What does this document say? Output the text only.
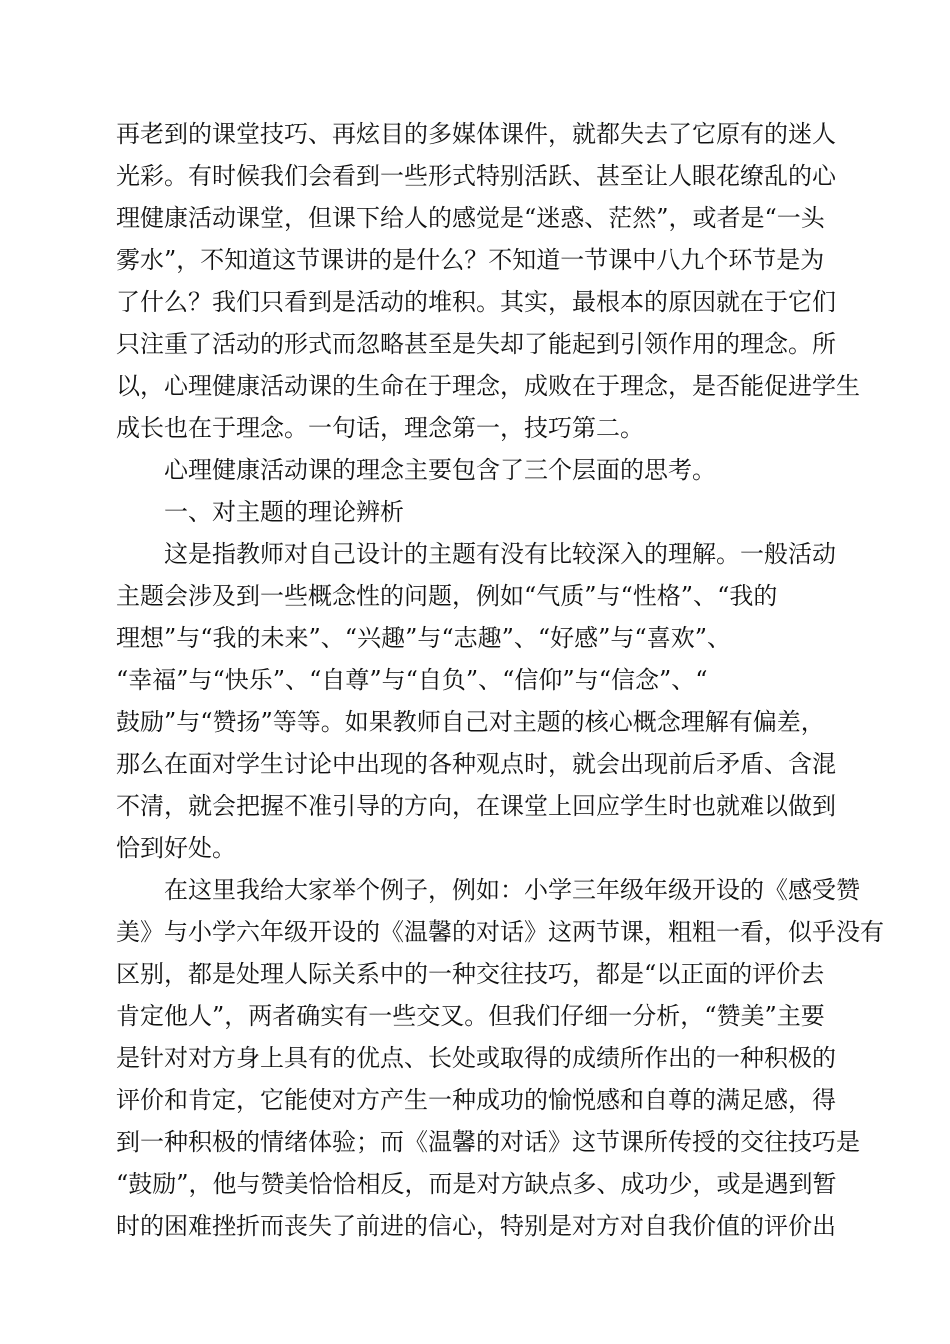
再老到的课堂技巧、再炫目的多媒体课件，就都失去了它原有的迷人
光彩。有时候我们会看到一些形式特别活跃、甚至让人眼花缭乱的心
理健康活动课堂，但课下给人的感觉是“迷惑、茫然”，或者是“一头
雾水”，不知道这节课讲的是什么？不知道一节课中八九个环节是为
了什么？我们只看到是活动的堆积。其实，最根本的原因就在于它们
只注重了活动的形式而忽略甚至是失却了能起到引领作用的理念。所
以，心理健康活动课的生命在于理念，成败在于理念，是否能促进学生
成长也在于理念。一句话，理念第一，技巧第二。
心理健康活动课的理念主要包含了三个层面的思考。
一、对主题的理论辨析
这是指教师对自己设计的主题有没有比较深入的理解。一般活动
主题会涉及到一些概念性的问题，例如“气质”与“性格”、“我的
理想”与“我的未来”、“兴趣”与“志趣”、“好感”与“喜欢”、
“幸福”与“快乐”、“自尊”与“自负”、“信仰”与“信念”、“
鼓励”与“赞扬”等等。如果教师自己对主题的核心概念理解有偏差，
那么在面对学生讨论中出现的各种观点时，就会出现前后矛盾、含混
不清，就会把握不准引导的方向，在课堂上回应学生时也就难以做到
恰到好处。
在这里我给大家举个例子，例如：小学三年级年级开设的《感受赞
美》与小学六年级开设的《温馨的对话》这两节课，粗粗一看，似乎没有
区别，都是处理人际关系中的一种交往技巧，都是“以正面的评价去
肯定他人”，两者确实有一些交叉。但我们仔细一分析，“赞美”主要
是针对对方身上具有的优点、长处或取得的成绩所作出的一种积极的
评价和肯定，它能使对方产生一种成功的愉悦感和自尊的满足感，得
到一种积极的情绪体验；而《温馨的对话》这节课所传授的交往技巧是
“鼓励”，他与赞美恰恰相反，而是对方缺点多、成功少，或是遇到暂
时的困难挫折而丧失了前进的信心，特别是对方对自我价值的评价出
